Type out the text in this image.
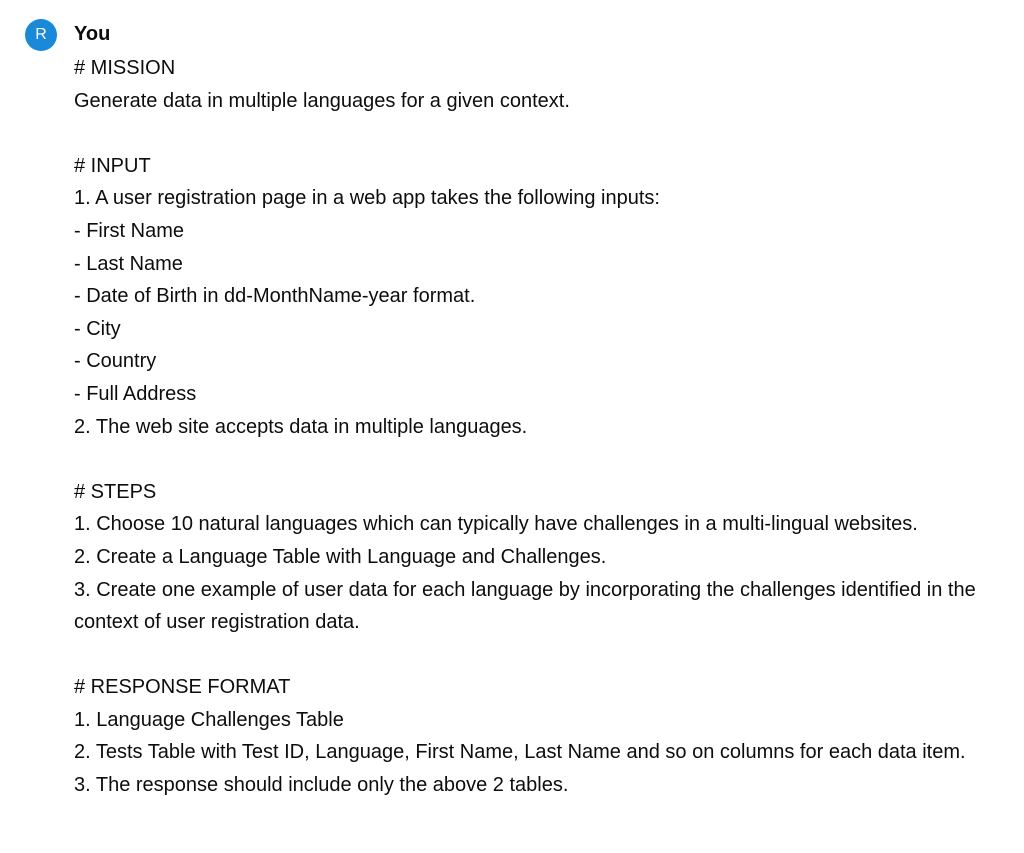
R	You
# MISSION
Generate data in multiple languages for a given context.
# INPUT
1. A user registration page in a web app takes the following inputs:
- First Name
- Last Name
- Date of Birth in dd-MonthName-year format.
- City
- Country
- Full Address
2. The web site accepts data in multiple languages.
# STEPS
1. Choose 10 natural languages which can typically have challenges in a multi-lingual websites.
2. Create a Language Table with Language and Challenges.
3. Create one example of user data for each language by incorporating the challenges identified in the context of user registration data.
# RESPONSE FORMAT
1. Language Challenges Table
2. Tests Table with Test ID, Language, First Name, Last Name and so on columns for each data item.
3. The response should include only the above 2 tables.
